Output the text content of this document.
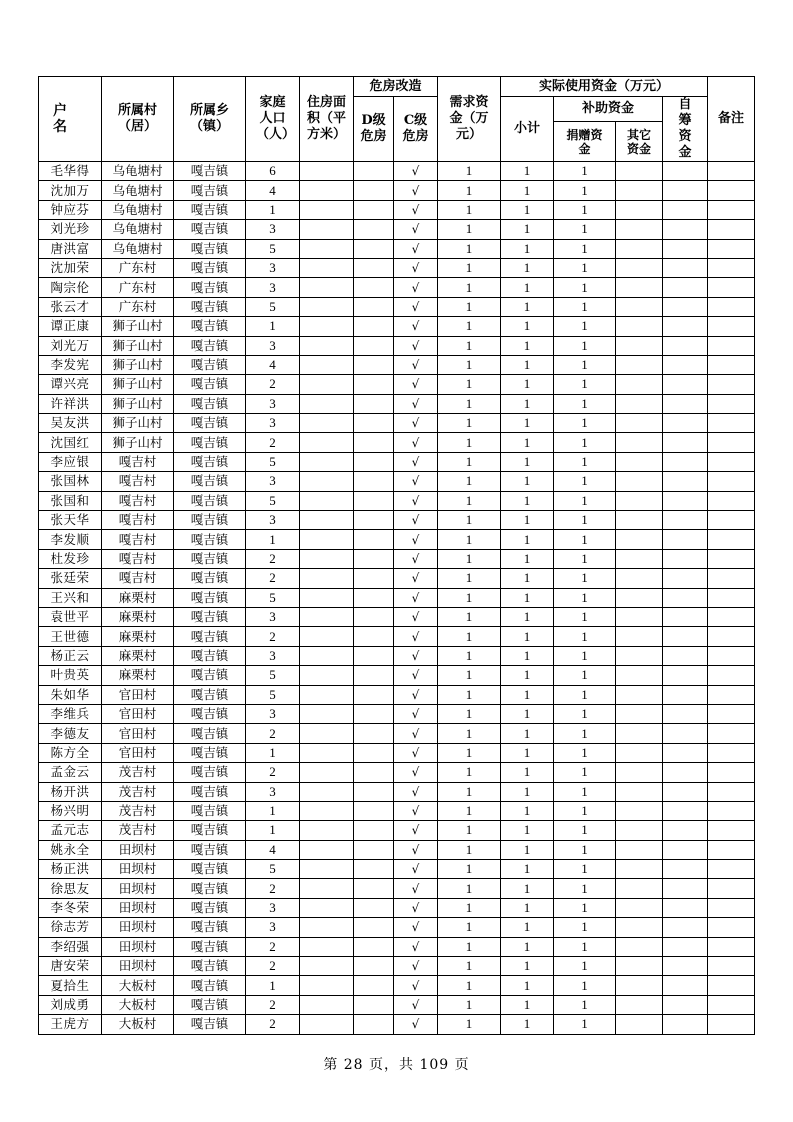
户 名	所属村（居）	所属乡（镇）	家庭人口（人）	住房面积（平方米）	危房改造		需求资金（万元）	实际使用资金（万元）				备注
					D级危房	C级危房		小计	补助资金		自筹资金	
									捐赠资金	其它资金		
毛华得	乌龟塘村	嘎吉镇	6			√	1	1	1			
沈加万	乌龟塘村	嘎吉镇	4			√	1	1	1			
钟应芬	乌龟塘村	嘎吉镇	1			√	1	1	1			
刘光珍	乌龟塘村	嘎吉镇	3			√	1	1	1			
唐洪富	乌龟塘村	嘎吉镇	5			√	1	1	1			
沈加荣	广东村	嘎吉镇	3			√	1	1	1			
陶宗伦	广东村	嘎吉镇	3			√	1	1	1			
张云才	广东村	嘎吉镇	5			√	1	1	1			
谭正康	狮子山村	嘎吉镇	1			√	1	1	1			
刘光万	狮子山村	嘎吉镇	3			√	1	1	1			
李发宪	狮子山村	嘎吉镇	4			√	1	1	1			
谭兴亮	狮子山村	嘎吉镇	2			√	1	1	1			
许祥洪	狮子山村	嘎吉镇	3			√	1	1	1			
吴友洪	狮子山村	嘎吉镇	3			√	1	1	1			
沈国红	狮子山村	嘎吉镇	2			√	1	1	1			
李应银	嘎吉村	嘎吉镇	5			√	1	1	1			
张国林	嘎吉村	嘎吉镇	3			√	1	1	1			
张国和	嘎吉村	嘎吉镇	5			√	1	1	1			
张天华	嘎吉村	嘎吉镇	3			√	1	1	1			
李发顺	嘎吉村	嘎吉镇	1			√	1	1	1			
杜发珍	嘎吉村	嘎吉镇	2			√	1	1	1			
张廷荣	嘎吉村	嘎吉镇	2			√	1	1	1			
王兴和	麻栗村	嘎吉镇	5			√	1	1	1			
袁世平	麻栗村	嘎吉镇	3			√	1	1	1			
王世德	麻栗村	嘎吉镇	2			√	1	1	1			
杨正云	麻栗村	嘎吉镇	3			√	1	1	1			
叶贵英	麻栗村	嘎吉镇	5			√	1	1	1			
朱如华	官田村	嘎吉镇	5			√	1	1	1			
李维兵	官田村	嘎吉镇	3			√	1	1	1			
李德友	官田村	嘎吉镇	2			√	1	1	1			
陈方全	官田村	嘎吉镇	1			√	1	1	1			
孟金云	茂吉村	嘎吉镇	2			√	1	1	1			
杨开洪	茂吉村	嘎吉镇	3			√	1	1	1			
杨兴明	茂吉村	嘎吉镇	1			√	1	1	1			
孟元志	茂吉村	嘎吉镇	1			√	1	1	1			
姚永全	田坝村	嘎吉镇	4			√	1	1	1			
杨正洪	田坝村	嘎吉镇	5			√	1	1	1			
徐思友	田坝村	嘎吉镇	2			√	1	1	1			
李冬荣	田坝村	嘎吉镇	3			√	1	1	1			
徐志芳	田坝村	嘎吉镇	3			√	1	1	1			
李绍强	田坝村	嘎吉镇	2			√	1	1	1			
唐安荣	田坝村	嘎吉镇	2			√	1	1	1			
夏拾生	大板村	嘎吉镇	1			√	1	1	1			
刘成勇	大板村	嘎吉镇	2			√	1	1	1			
王虎方	大板村	嘎吉镇	2			√	1	1	1			
第 28 页，共 109 页
